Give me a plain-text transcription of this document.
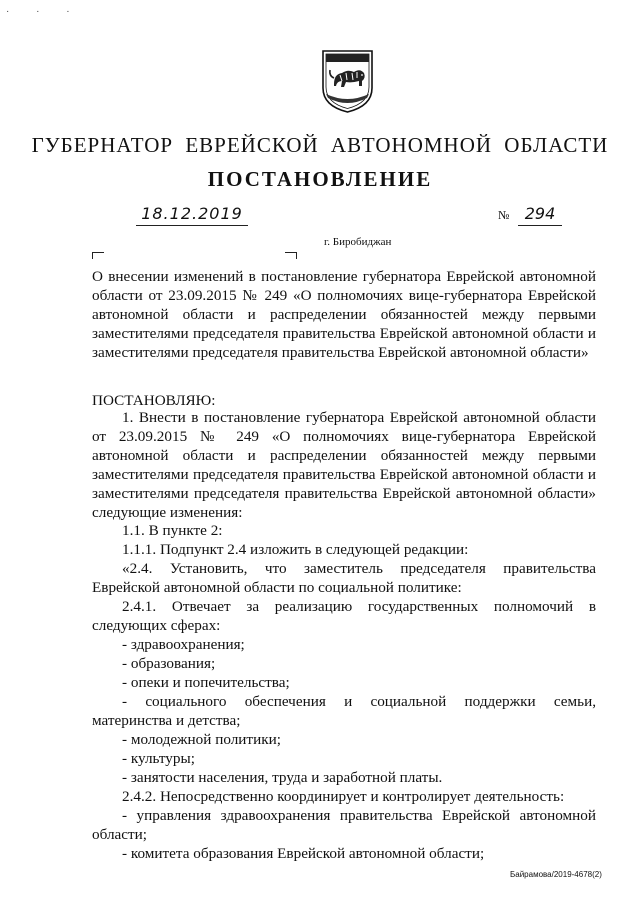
· · ·
ГУБЕРНАТОР ЕВРЕЙСКОЙ АВТОНОМНОЙ ОБЛАСТИ
ПОСТАНОВЛЕНИЕ
18.12.2019	№ 294
г. Биробиджан

О внесении изменений в постановление губернатора Еврейской автономной

области от 23.09.2015 № 249 «О полномочиях вице-губернатора Еврейской

автономной области и распределении обязанностей между первыми

заместителями председателя правительства Еврейской автономной области и

заместителями председателя правительства Еврейской автономной области»

ПОСТАНОВЛЯЮ:

1. Внести в постановление губернатора Еврейской автономной области

от 23.09.2015 № 249 «О полномочиях вице-губернатора Еврейской

автономной области и распределении обязанностей между первыми

заместителями председателя правительства Еврейской автономной области и

заместителями председателя правительства Еврейской автономной области»

следующие изменения:

1.1. В пункте 2:

1.1.1. Подпункт 2.4 изложить в следующей редакции:

«2.4. Установить, что заместитель председателя правительства

Еврейской автономной области по социальной политике:

2.4.1. Отвечает за реализацию государственных полномочий в

следующих сферах:

- здравоохранения;

- образования;

- опеки и попечительства;

- социального обеспечения и социальной поддержки семьи,

материнства и детства;

- молодежной политики;

- культуры;

- занятости населения, труда и заработной платы.

2.4.2. Непосредственно координирует и контролирует деятельность:

- управления здравоохранения правительства Еврейской автономной

области;

- комитета образования Еврейской автономной области;

Байрамова/2019-4678(2)
